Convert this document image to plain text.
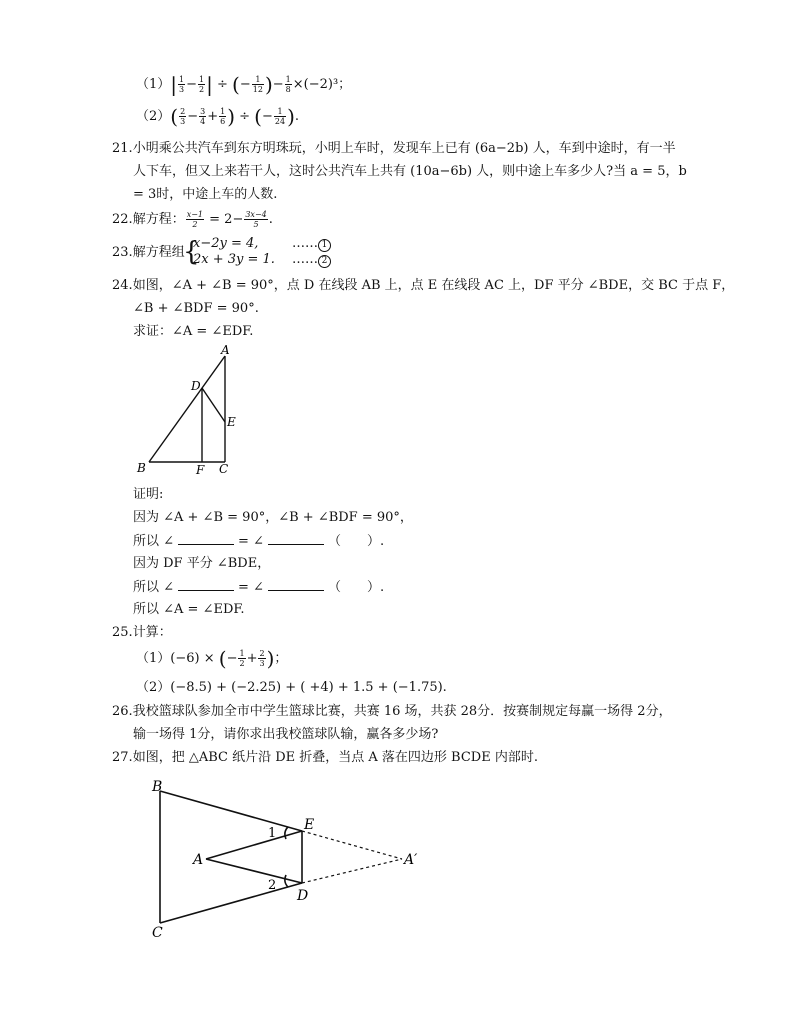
$(1)| \frac{1}{3} - \frac{1}{2}$ | ÷ (− $\frac{1}{12}$ )− $\frac{1}{8} \times(-2)^3$；
$(2)( \frac{2}{3} - \frac{3}{4} + \frac{1}{6}$ ) ÷ (− $\frac{1}{24}$ ).
21.小明乘公共汽车到东方明珠玩，小明上车时，发现车上已有 (6a−2b) 人，车到中途时，有一半
人下车，但又上来若干人，这时公共汽车上共有 (10a−6b) 人，则中途上车多少人?当 a = 5，b
= 3时，中途上车的人数.
22.解方程： $\frac{x-1}{2} = 2- \frac{3x-4}{5}$ .
23.解方程组
{
x−2y = 4,
2x + 3y = 1.
…… 1
…… 2
24.如图，∠A + ∠B = 90°，点 D 在线段 AB 上，点 E 在线段 AC 上，DF 平分 ∠BDE，交 BC 于点 F，
∠B + ∠BDF = 90°.
求证：∠A = ∠EDF.
A
B	C
D
E
F
证明:
因为 ∠A + ∠B = 90°，∠B + ∠BDF = 90°，
所以 ∠	= ∠	（　　）.
因为 DF 平分 ∠BDE，
所以 ∠	= ∠	（　　）.
所以 ∠A = ∠EDF.
25.计算：
（1）(−6) × (− $\frac{1}{2} + \frac{2}{3}$ )；
（2）(−8.5) + (−2.25) + ( +4) + 1.5 + (−1.75).
26.我校篮球队参加全市中学生篮球比赛，共赛 16 场，共获 28分．按赛制规定每赢一场得 2分，
输一场得 1分，请你求出我校篮球队输，赢各多少场?
27.如图，把 △ABC 纸片沿 DE 折叠，当点 A 落在四边形 BCDE 内部时.
B
C
A
E
D
A′
1
2
